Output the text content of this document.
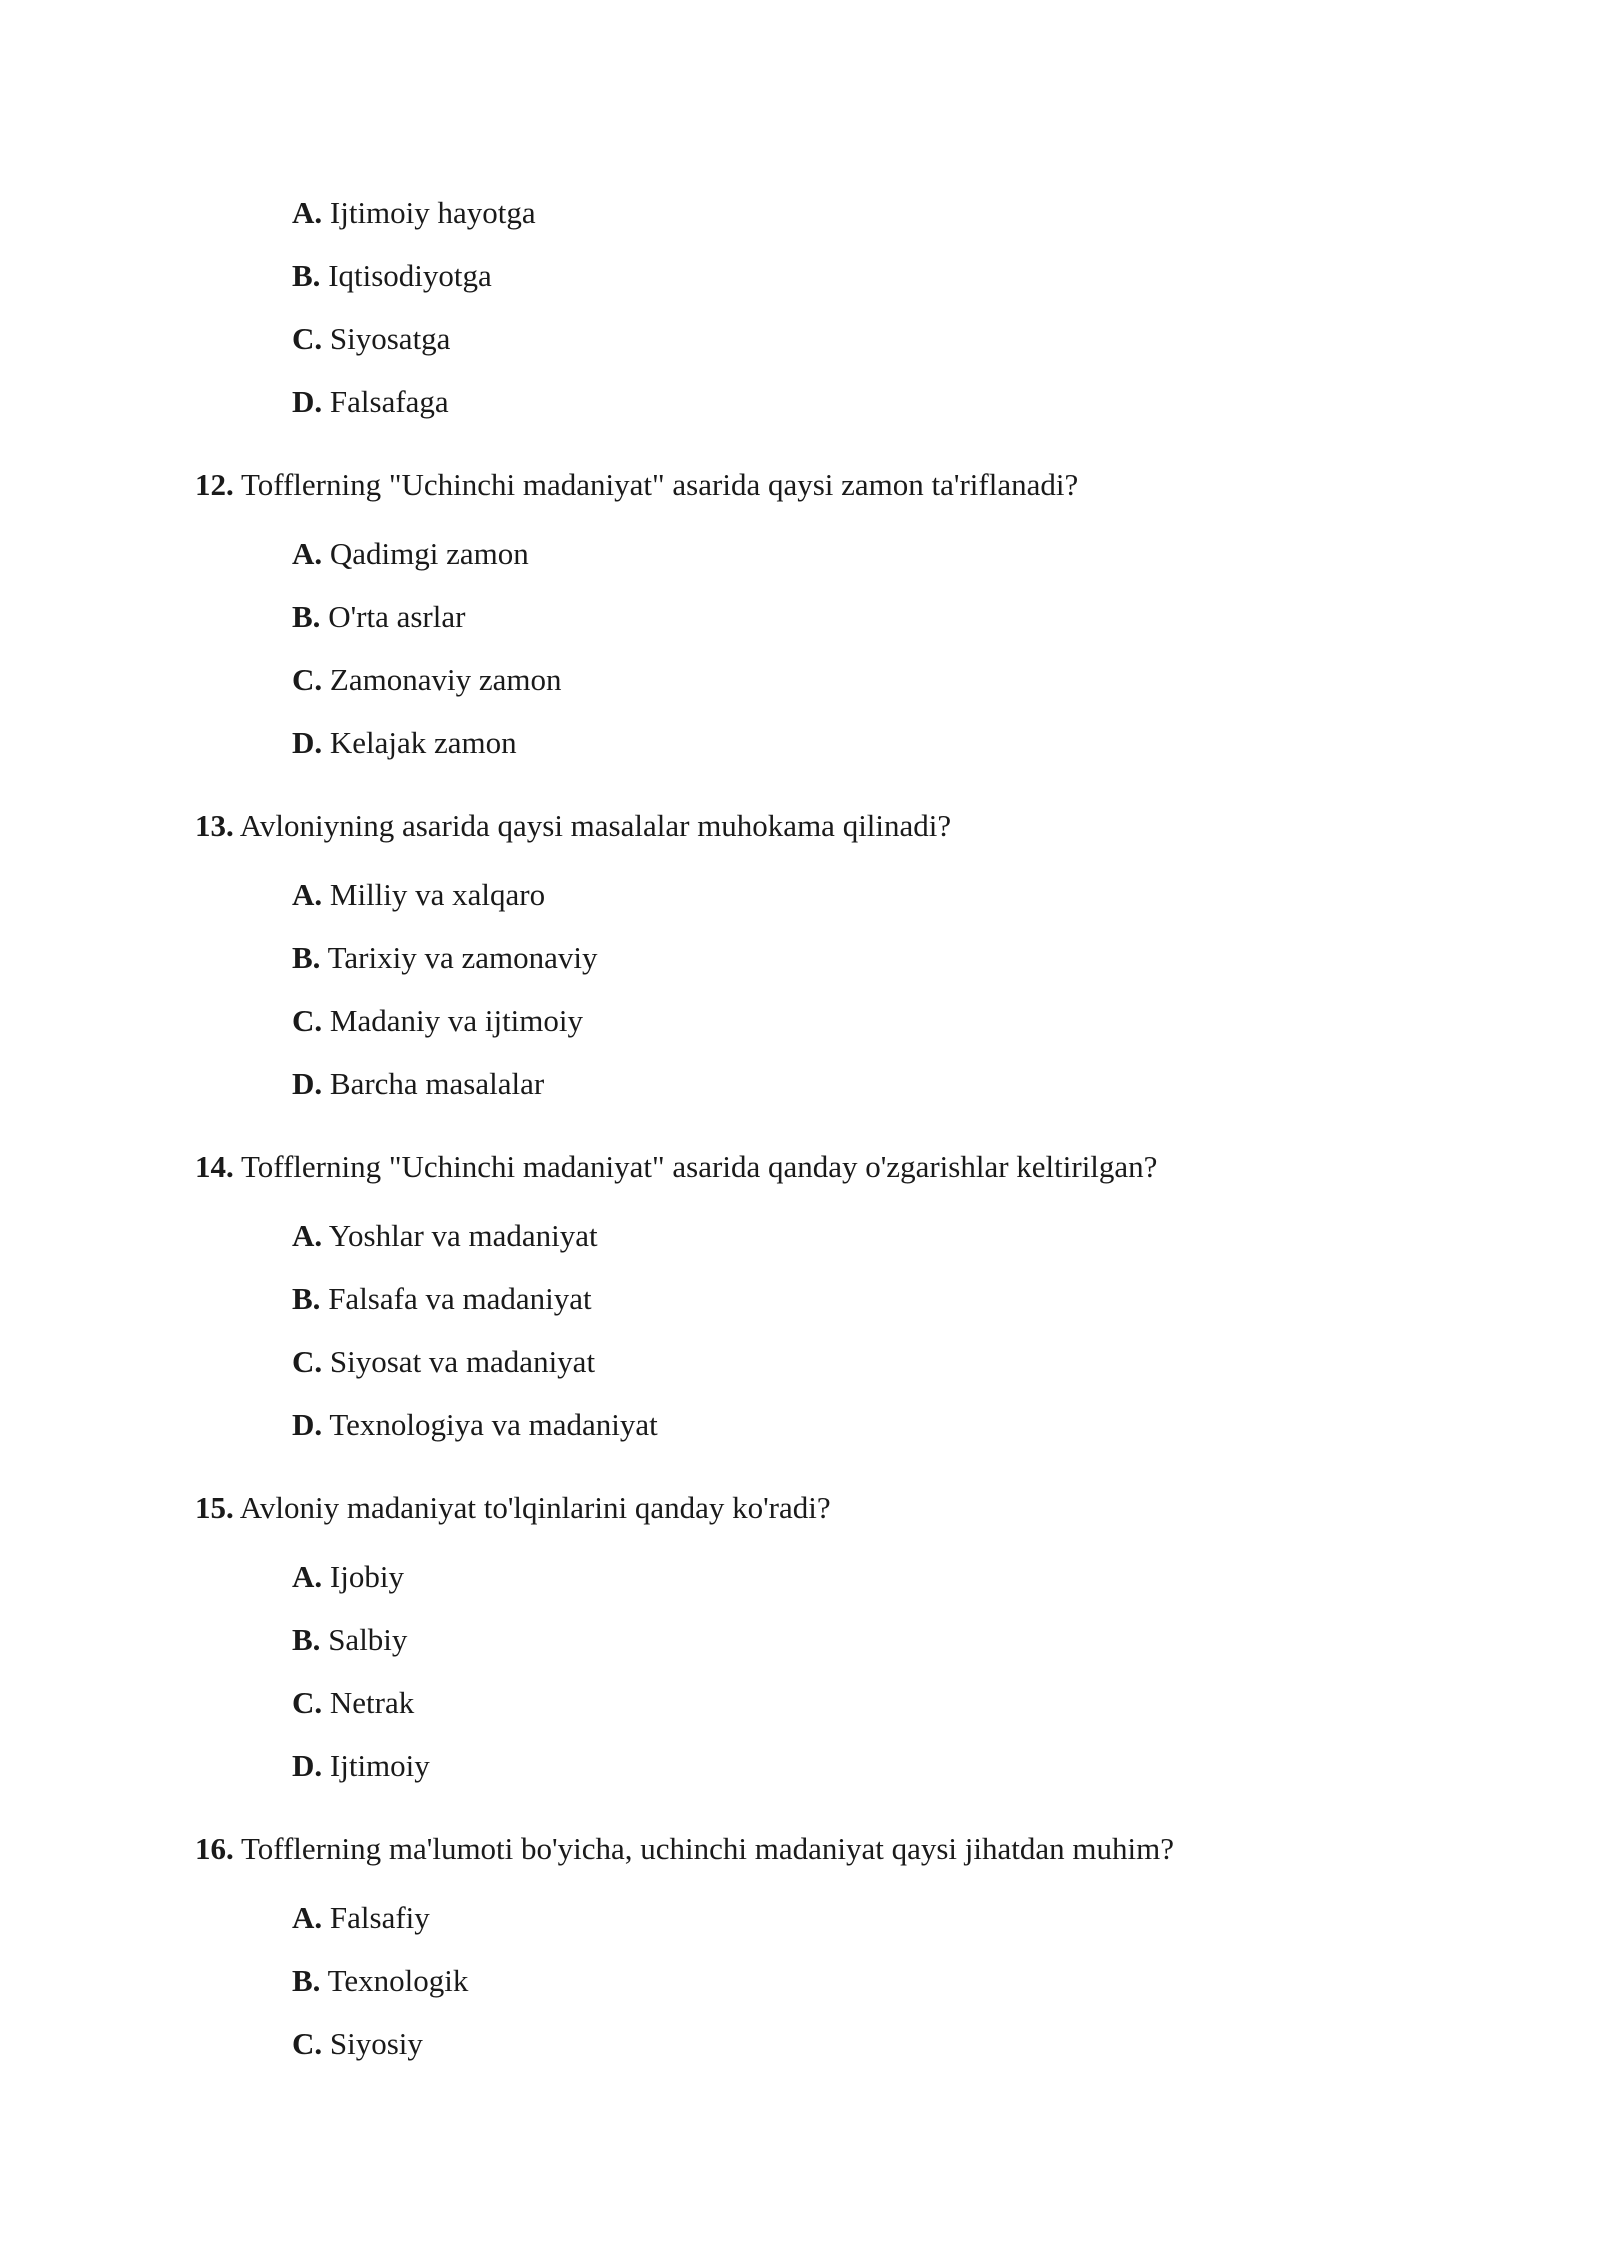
A. Ijtimoiy hayotga
B. Iqtisodiyotga
C. Siyosatga
D. Falsafaga
12. Tofflerning "Uchinchi madaniyat" asarida qaysi zamon ta'riflanadi?
A. Qadimgi zamon
B. O'rta asrlar
C. Zamonaviy zamon
D. Kelajak zamon
13. Avloniyning asarida qaysi masalalar muhokama qilinadi?
A. Milliy va xalqaro
B. Tarixiy va zamonaviy
C. Madaniy va ijtimoiy
D. Barcha masalalar
14. Tofflerning "Uchinchi madaniyat" asarida qanday o'zgarishlar keltirilgan?
A. Yoshlar va madaniyat
B. Falsafa va madaniyat
C. Siyosat va madaniyat
D. Texnologiya va madaniyat
15. Avloniy madaniyat to'lqinlarini qanday ko'radi?
A. Ijobiy
B. Salbiy
C. Netrak
D. Ijtimoiy
16. Tofflerning ma'lumoti bo'yicha, uchinchi madaniyat qaysi jihatdan muhim?
A. Falsafiy
B. Texnologik
C. Siyosiy
